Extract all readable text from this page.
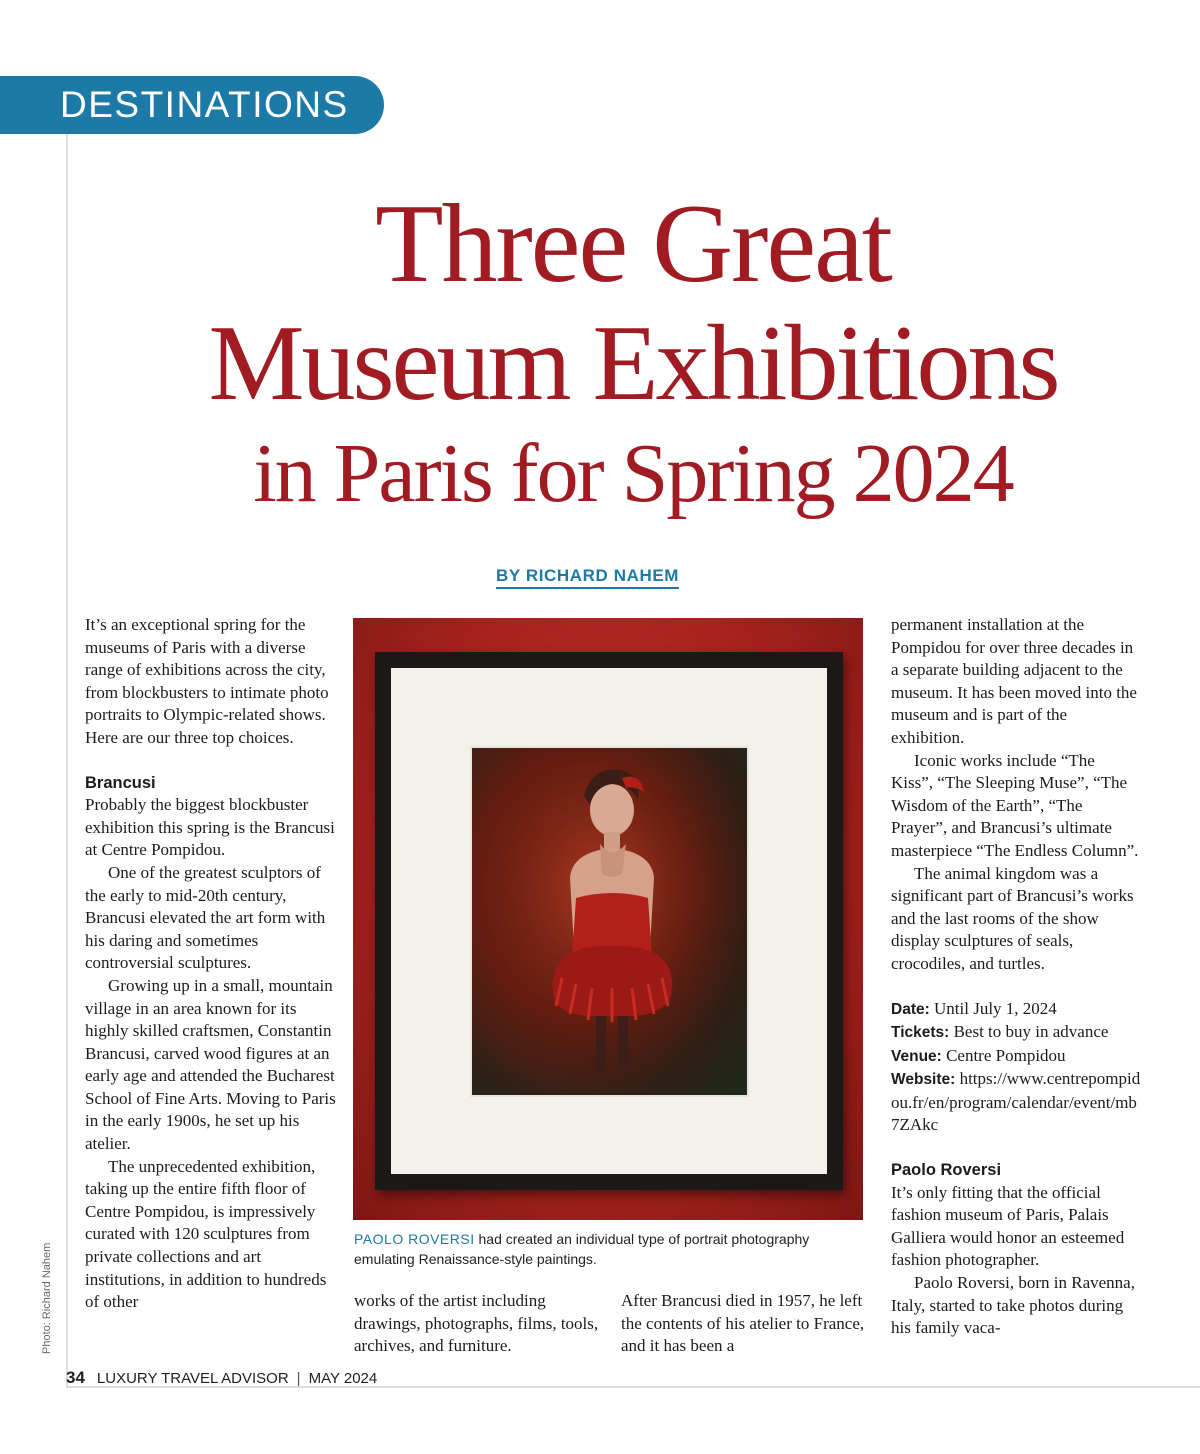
DESTINATIONS
Three Great
Museum Exhibitions
in Paris for Spring 2024
BY RICHARD NAHEM

It’s an exceptional spring for the museums of Paris with a diverse range of exhibitions across the city, from blockbusters to intimate photo portraits to Olympic-related shows. Here are our three top choices.

Brancusi

Probably the biggest blockbuster exhibition this spring is the Brancusi at Centre Pompidou.

One of the greatest sculptors of the early to mid-20th century, Brancusi elevated the art form with his daring and sometimes controversial sculptures.

Growing up in a small, mountain village in an area known for its highly skilled craftsmen, Constantin Brancusi, carved wood figures at an early age and attended the Bucharest School of Fine Arts. Moving to Paris in the early 1900s, he set up his atelier.

The unprecedented exhibition, taking up the entire fifth floor of Centre Pompidou, is impressively curated with 120 sculptures from private collections and art institutions, in addition to hundreds of other

PAOLO ROVERSI had created an individual type of portrait photography emulating Renaissance-style paintings.

works of the artist including drawings, photographs, films, tools, archives, and furniture.

After Brancusi died in 1957, he left the contents of his atelier to France, and it has been a

permanent installation at the Pompidou for over three decades in a separate building adjacent to the museum. It has been moved into the museum and is part of the exhibition.

Iconic works include “The Kiss”, “The Sleeping Muse”, “The Wisdom of the Earth”, “The Prayer”, and Brancusi’s ultimate masterpiece “The Endless Column”.

The animal kingdom was a significant part of Brancusi’s works and the last rooms of the show display sculptures of seals, crocodiles, and turtles.

Date: Until July 1, 2024

Tickets: Best to buy in advance

Venue: Centre Pompidou

Website: https://www.centrepompidou.fr/en/program/calendar/event/mb7ZAkc

Paolo Roversi

It’s only fitting that the official fashion museum of Paris, Palais Galliera would honor an esteemed fashion photographer.

Paolo Roversi, born in Ravenna, Italy, started to take photos during his family vaca-

Photo: Richard Nahem
34 LUXURY TRAVEL ADVISOR | MAY 2024
